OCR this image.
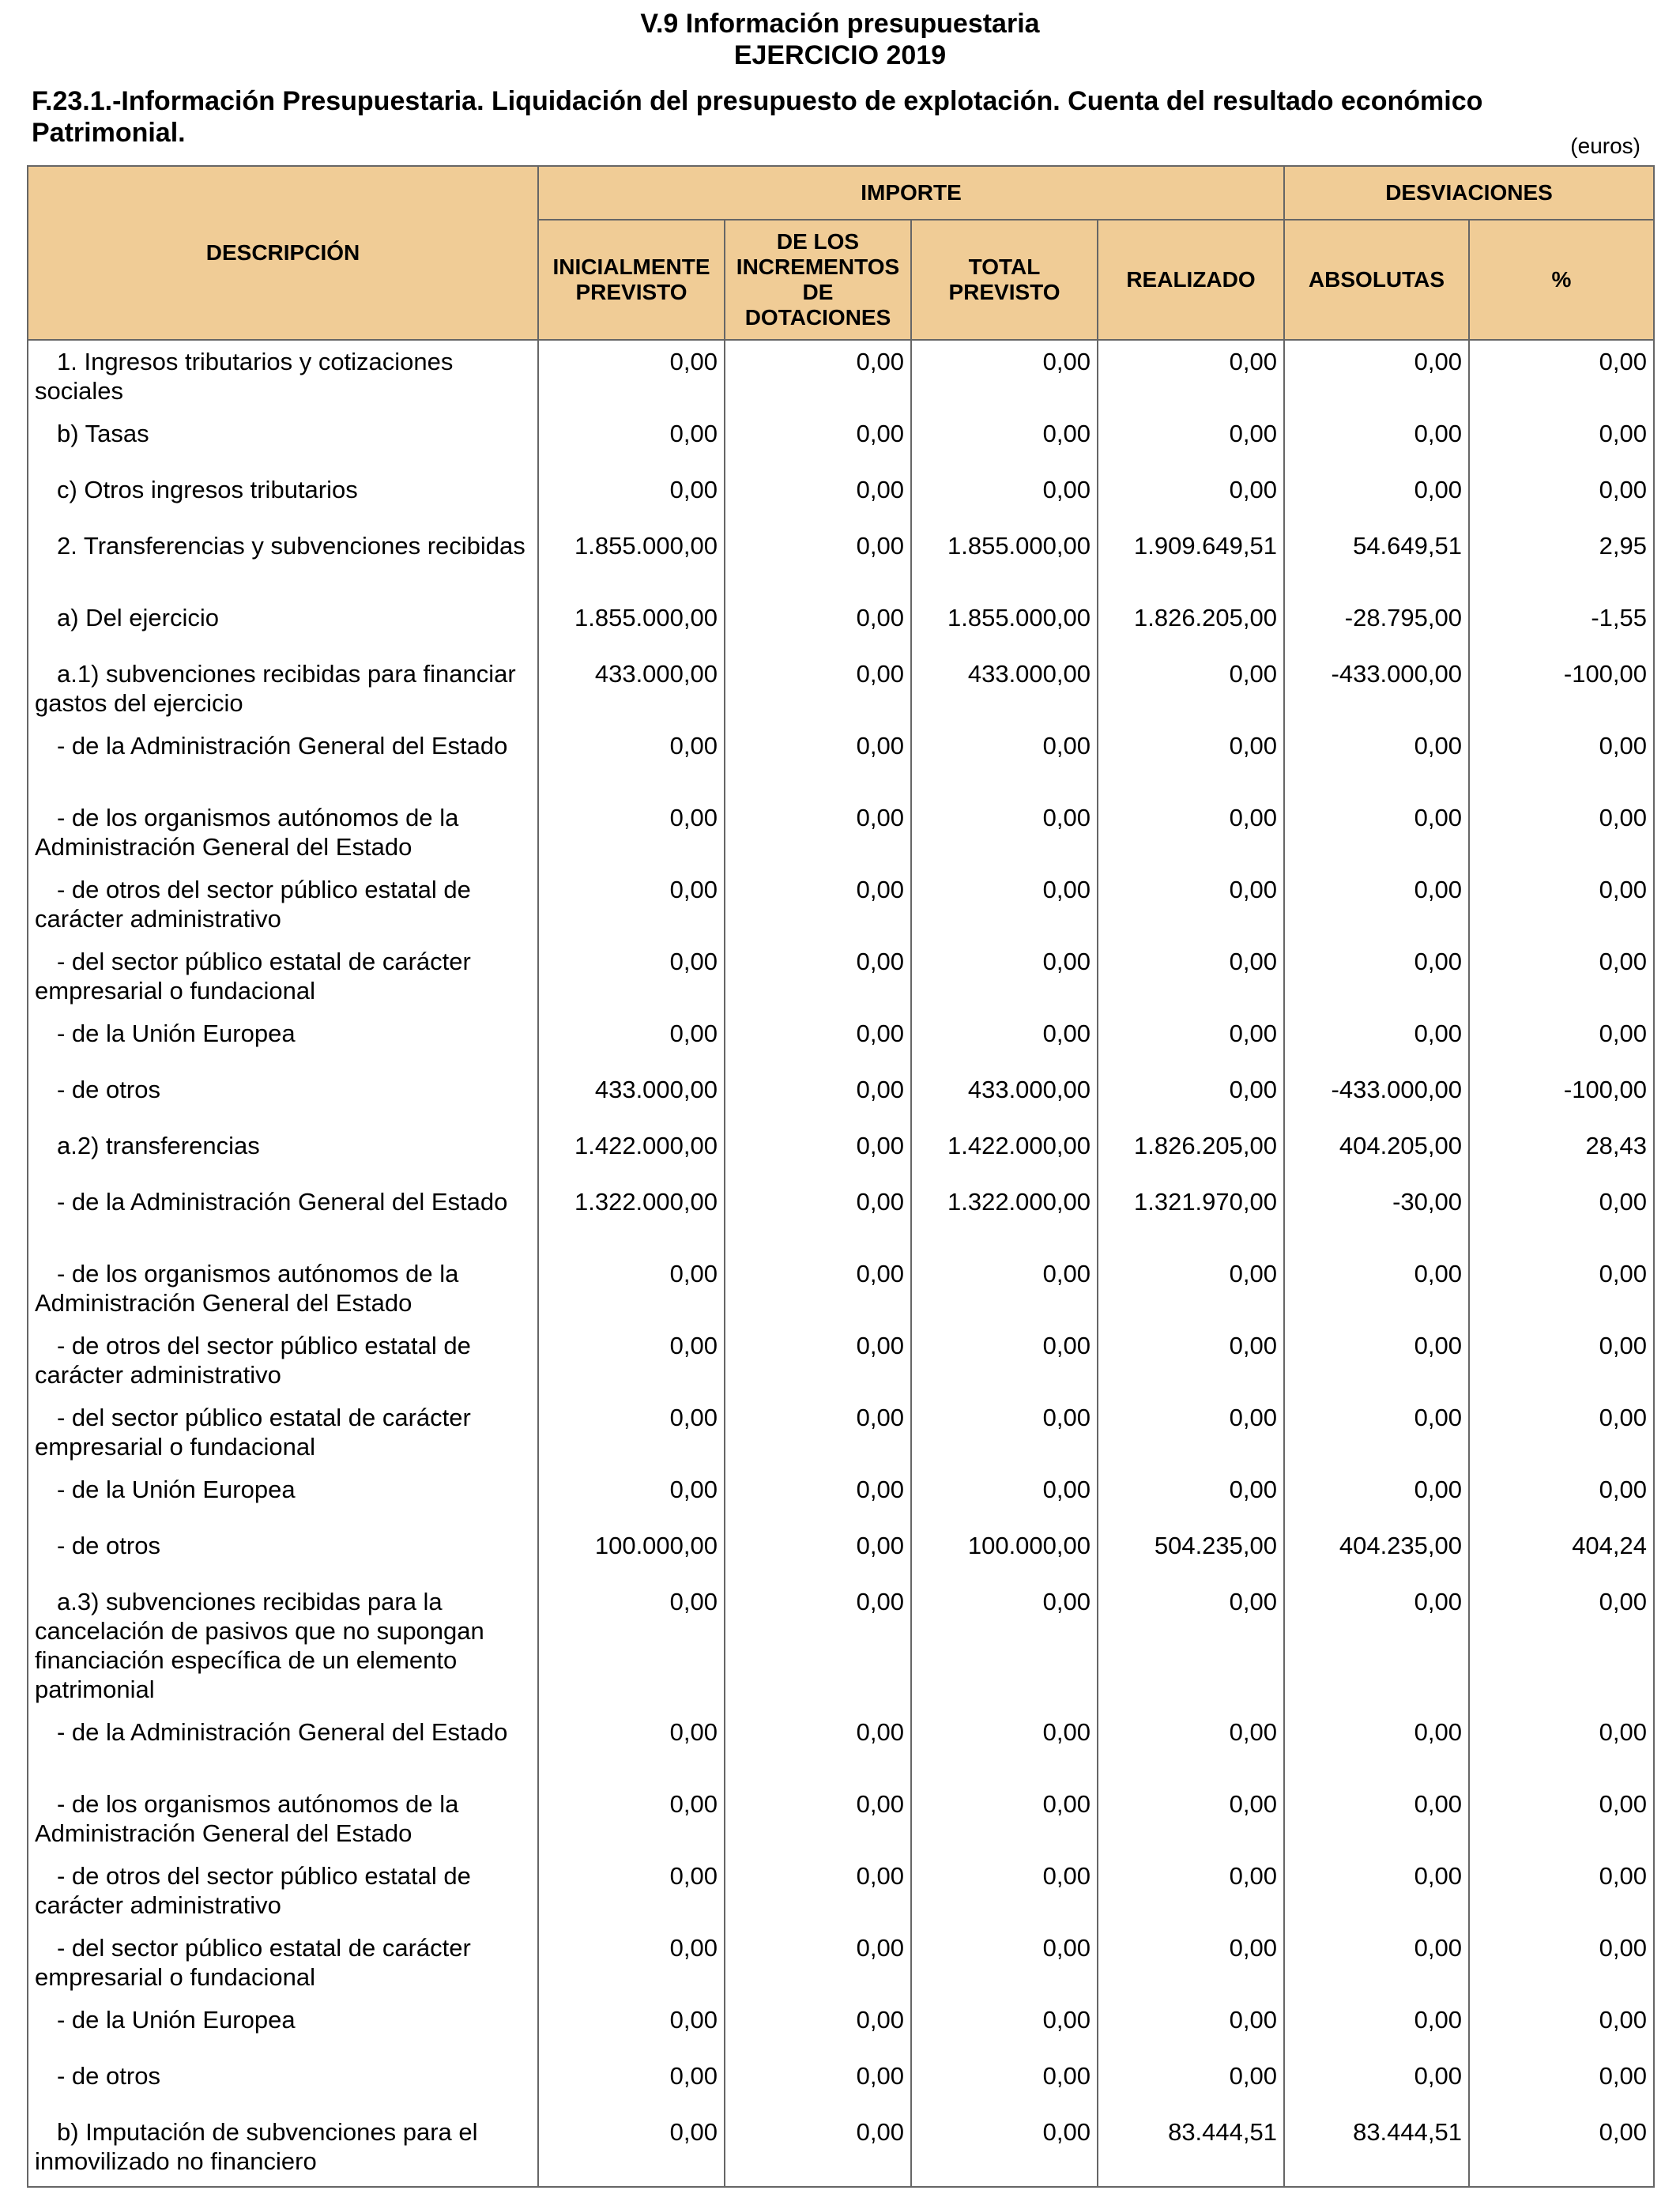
V.9 Información presupuestaria
EJERCICIO 2019
F.23.1.-Información Presupuestaria. Liquidación del presupuesto de explotación. Cuenta del resultado económico Patrimonial.	(euros)
DESCRIPCIÓN	IMPORTE				DESVIACIONES	
	INICIALMENTE PREVISTO	DE LOS INCREMENTOS DE DOTACIONES	TOTAL PREVISTO	REALIZADO	ABSOLUTAS	%
1. Ingresos tributarios y cotizaciones sociales	0,00	0,00	0,00	0,00	0,00	0,00
b) Tasas	0,00	0,00	0,00	0,00	0,00	0,00
c) Otros ingresos tributarios	0,00	0,00	0,00	0,00	0,00	0,00
2. Transferencias y subvenciones recibidas	1.855.000,00	0,00	1.855.000,00	1.909.649,51	54.649,51	2,95
a) Del ejercicio	1.855.000,00	0,00	1.855.000,00	1.826.205,00	-28.795,00	-1,55
a.1) subvenciones recibidas para financiar gastos del ejercicio	433.000,00	0,00	433.000,00	0,00	-433.000,00	-100,00
- de la Administración General del Estado	0,00	0,00	0,00	0,00	0,00	0,00
- de los organismos autónomos de la Administración General del Estado	0,00	0,00	0,00	0,00	0,00	0,00
- de otros del sector público estatal de carácter administrativo	0,00	0,00	0,00	0,00	0,00	0,00
- del sector público estatal de carácter empresarial o fundacional	0,00	0,00	0,00	0,00	0,00	0,00
- de la Unión Europea	0,00	0,00	0,00	0,00	0,00	0,00
- de otros	433.000,00	0,00	433.000,00	0,00	-433.000,00	-100,00
a.2) transferencias	1.422.000,00	0,00	1.422.000,00	1.826.205,00	404.205,00	28,43
- de la Administración General del Estado	1.322.000,00	0,00	1.322.000,00	1.321.970,00	-30,00	0,00
- de los organismos autónomos de la Administración General del Estado	0,00	0,00	0,00	0,00	0,00	0,00
- de otros del sector público estatal de carácter administrativo	0,00	0,00	0,00	0,00	0,00	0,00
- del sector público estatal de carácter empresarial o fundacional	0,00	0,00	0,00	0,00	0,00	0,00
- de la Unión Europea	0,00	0,00	0,00	0,00	0,00	0,00
- de otros	100.000,00	0,00	100.000,00	504.235,00	404.235,00	404,24
a.3) subvenciones recibidas para la cancelación de pasivos que no supongan financiación específica de un elemento patrimonial	0,00	0,00	0,00	0,00	0,00	0,00
- de la Administración General del Estado	0,00	0,00	0,00	0,00	0,00	0,00
- de los organismos autónomos de la Administración General del Estado	0,00	0,00	0,00	0,00	0,00	0,00
- de otros del sector público estatal de carácter administrativo	0,00	0,00	0,00	0,00	0,00	0,00
- del sector público estatal de carácter empresarial o fundacional	0,00	0,00	0,00	0,00	0,00	0,00
- de la Unión Europea	0,00	0,00	0,00	0,00	0,00	0,00
- de otros	0,00	0,00	0,00	0,00	0,00	0,00
b) Imputación de subvenciones para el inmovilizado no financiero	0,00	0,00	0,00	83.444,51	83.444,51	0,00
